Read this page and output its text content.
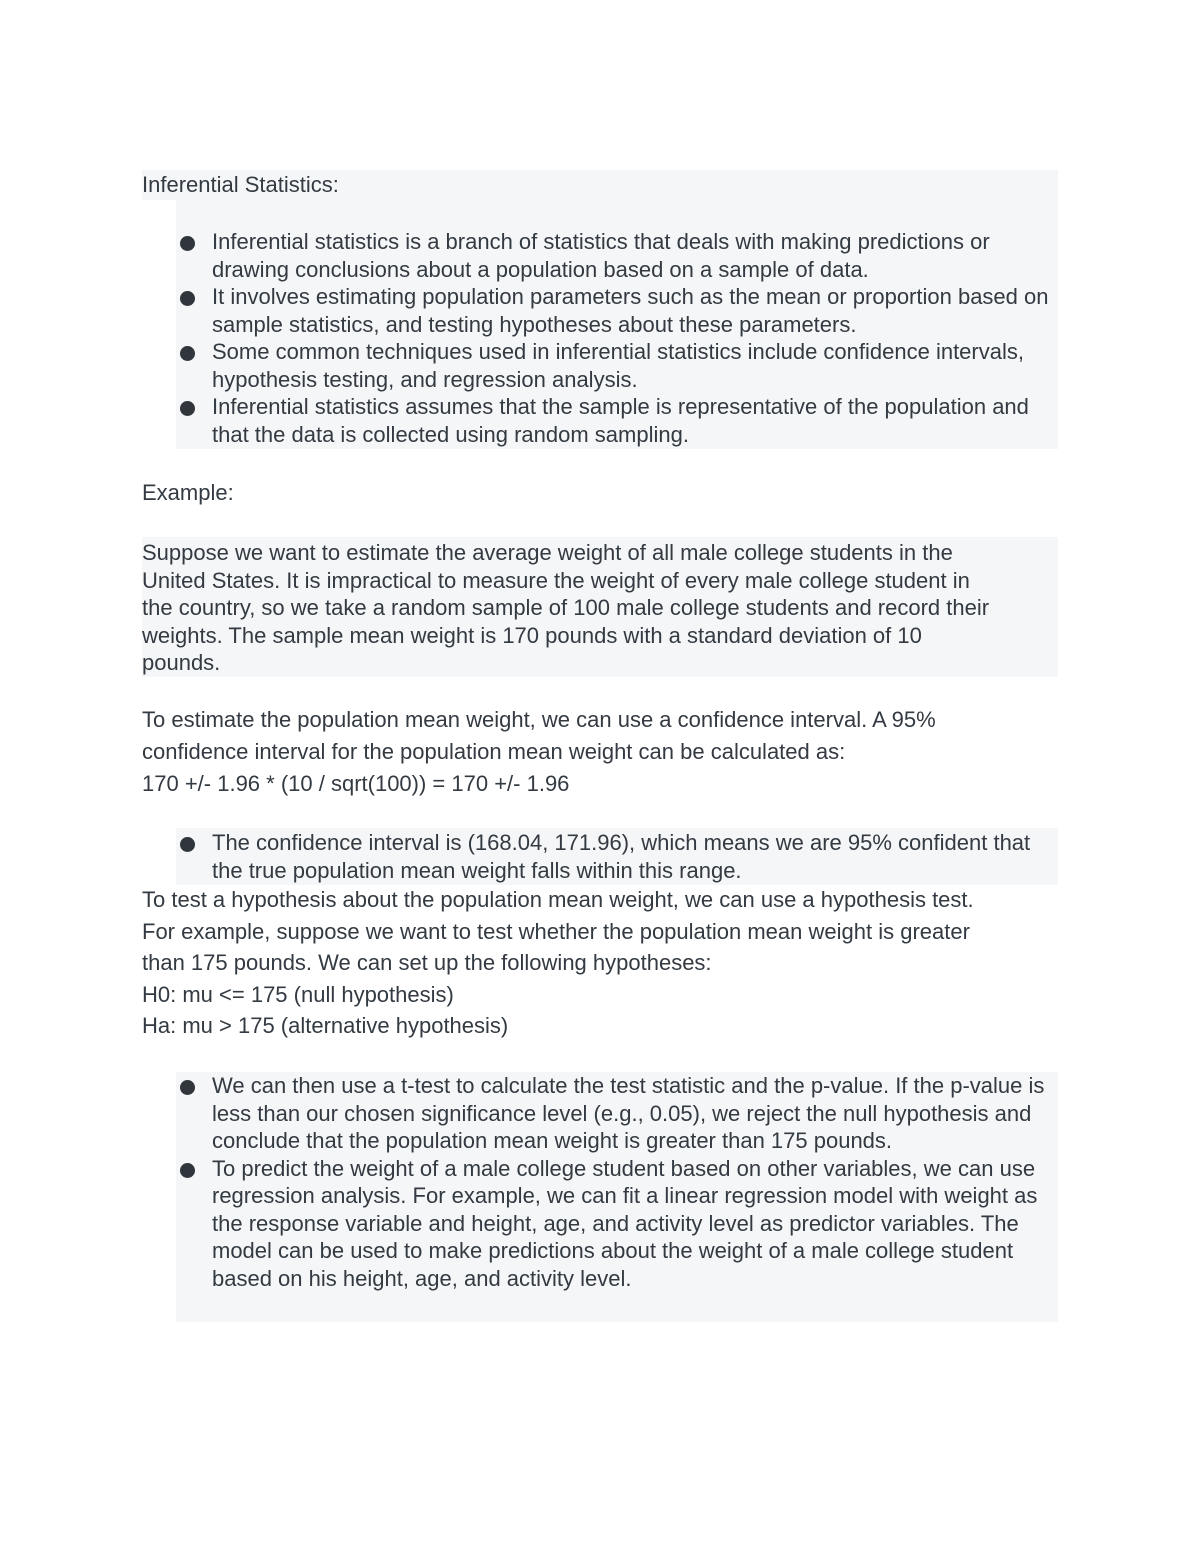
Inferential Statistics:

Inferential statistics is a branch of statistics that deals with making predictions or drawing conclusions about a population based on a sample of data.
It involves estimating population parameters such as the mean or proportion based on sample statistics, and testing hypotheses about these parameters.
Some common techniques used in inferential statistics include confidence intervals, hypothesis testing, and regression analysis.
Inferential statistics assumes that the sample is representative of the population and that the data is collected using random sampling.

Example:

Suppose we want to estimate the average weight of all male college students in the

United States. It is impractical to measure the weight of every male college student in

the country, so we take a random sample of 100 male college students and record their

weights. The sample mean weight is 170 pounds with a standard deviation of 10

pounds.

To estimate the population mean weight, we can use a confidence interval. A 95%

confidence interval for the population mean weight can be calculated as:

170 +/- 1.96 * (10 / sqrt(100)) = 170 +/- 1.96

The confidence interval is (168.04, 171.96), which means we are 95% confident that the true population mean weight falls within this range.

To test a hypothesis about the population mean weight, we can use a hypothesis test.

For example, suppose we want to test whether the population mean weight is greater

than 175 pounds. We can set up the following hypotheses:

H0: mu <= 175 (null hypothesis)

Ha: mu > 175 (alternative hypothesis)

We can then use a t-test to calculate the test statistic and the p-value. If the p-value is less than our chosen significance level (e.g., 0.05), we reject the null hypothesis and conclude that the population mean weight is greater than 175 pounds.
To predict the weight of a male college student based on other variables, we can use regression analysis. For example, we can fit a linear regression model with weight as the response variable and height, age, and activity level as predictor variables. The model can be used to make predictions about the weight of a male college student based on his height, age, and activity level.
